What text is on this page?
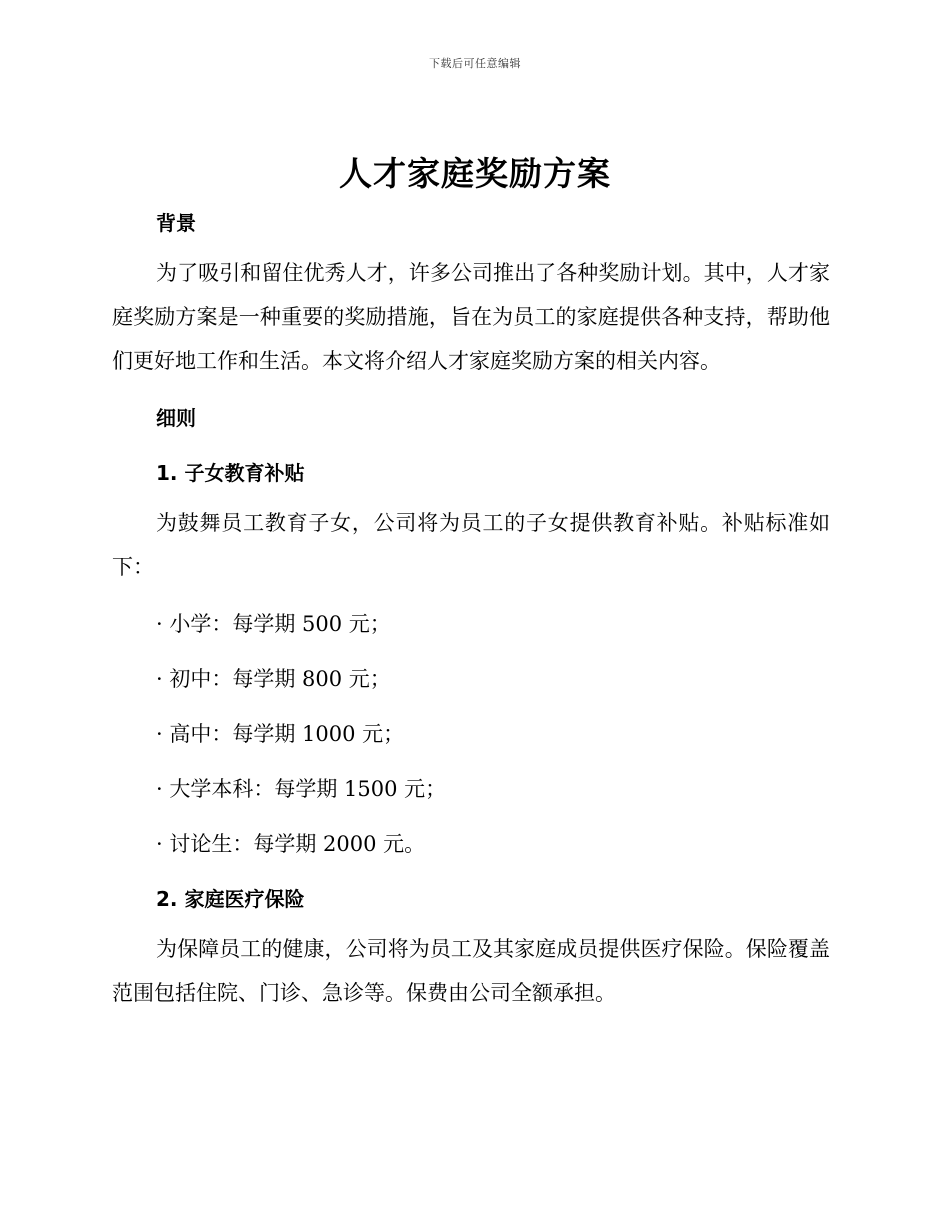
下载后可任意编辑
人才家庭奖励方案
背景

为了吸引和留住优秀人才，许多公司推出了各种奖励计划。其中，人才家庭奖励方案是一种重要的奖励措施，旨在为员工的家庭提供各种支持，帮助他们更好地工作和生活。本文将介绍人才家庭奖励方案的相关内容。

细则
1. 子女教育补贴

为鼓舞员工教育子女，公司将为员工的子女提供教育补贴。补贴标准如下：

· 小学：每学期 500 元；

· 初中：每学期 800 元；

· 高中：每学期 1000 元；

· 大学本科：每学期 1500 元；

· 讨论生：每学期 2000 元。

2. 家庭医疗保险

为保障员工的健康，公司将为员工及其家庭成员提供医疗保险。保险覆盖范围包括住院、门诊、急诊等。保费由公司全额承担。
